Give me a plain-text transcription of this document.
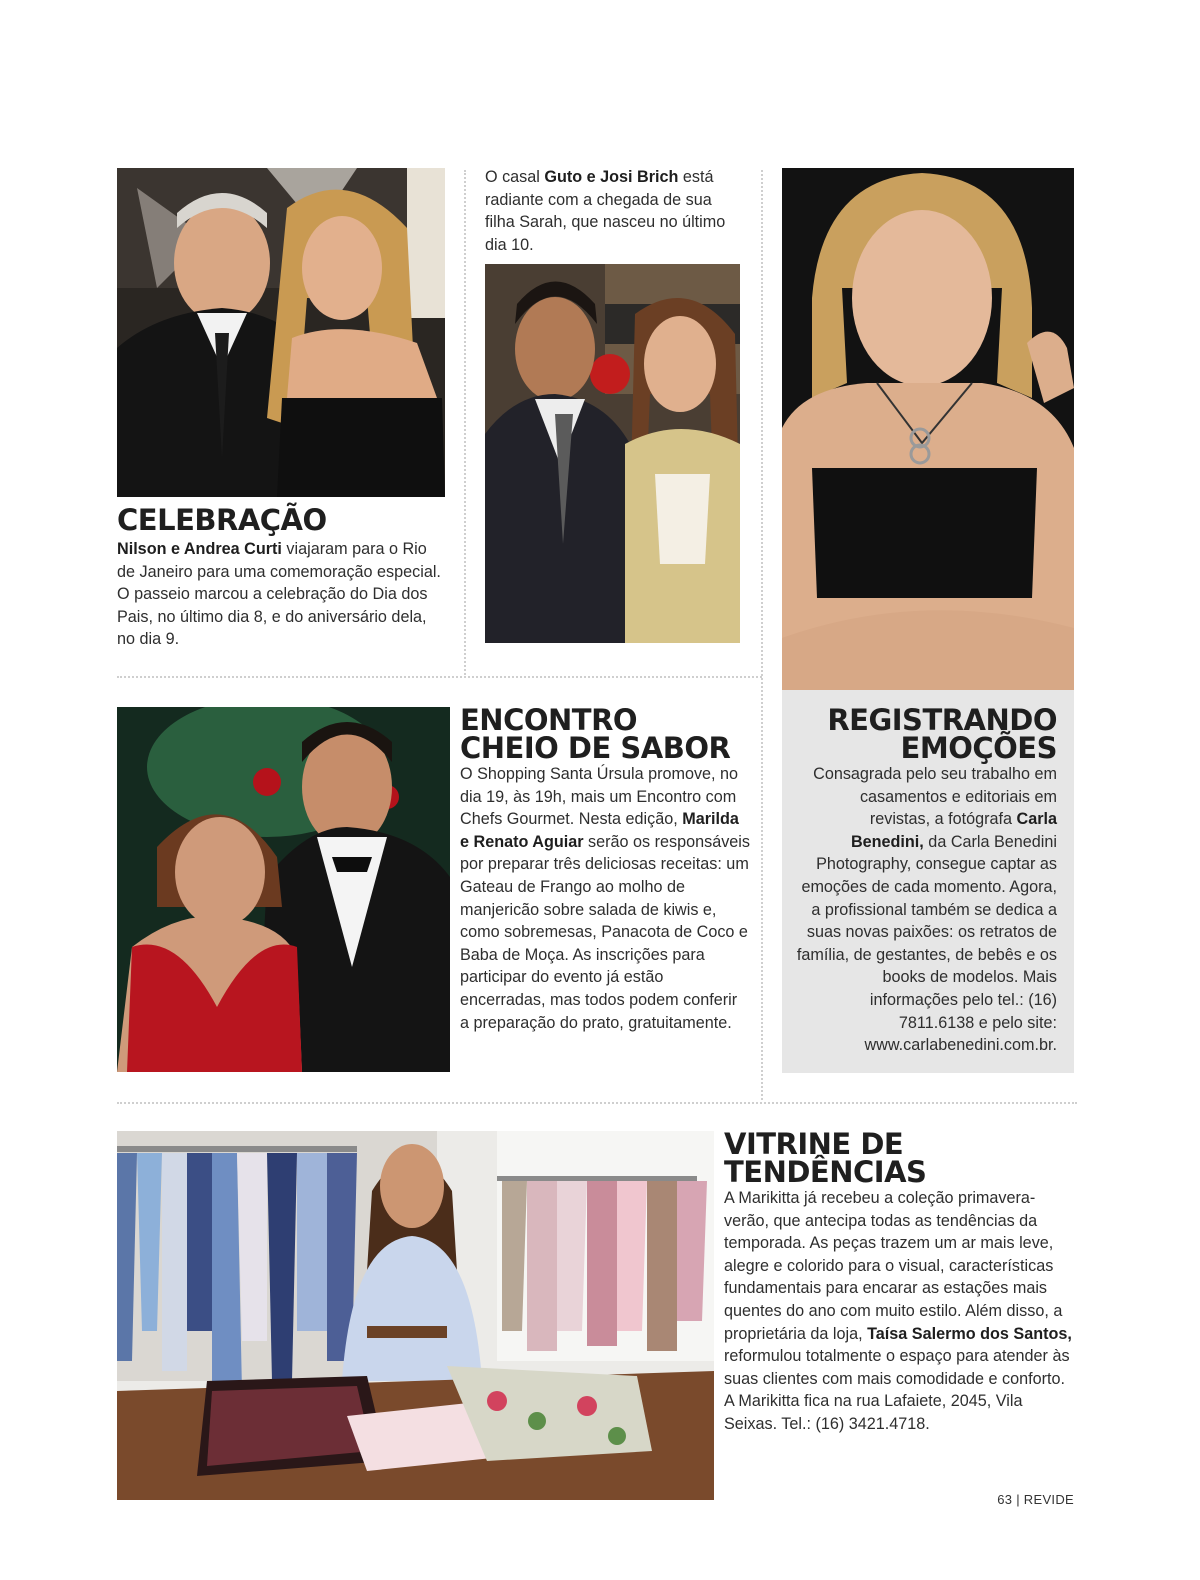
CELEBRAÇÃO
Nilson e Andrea Curti viajaram para o Rio de Janeiro para uma comemoração especial. O passeio marcou a celebração do Dia dos Pais, no último dia 8, e do aniversário dela, no dia 9.
O casal Guto e Josi Brich está radiante com a chegada de sua filha Sarah, que nasceu no último dia 10.
ENCONTRO
CHEIO DE SABOR
O Shopping Santa Úrsula promove, no dia 19, às 19h, mais um Encontro com Chefs Gourmet. Nesta edição, Marilda e Renato Aguiar serão os responsáveis por preparar três deliciosas receitas: um Gateau de Frango ao molho de manjericão sobre salada de kiwis e, como sobremesas, Panacota de Coco e Baba de Moça. As inscrições para participar do evento já estão encerradas, mas todos podem conferir a preparação do prato, gratuitamente.
REGISTRANDO
EMOÇÕES
Consagrada pelo seu trabalho em casamentos e editoriais em revistas, a fotógrafa Carla Benedini, da Carla Benedini Photography, consegue captar as emoções de cada momento. Agora, a profissional também se dedica a suas novas paixões: os retratos de família, de gestantes, de bebês e os books de modelos. Mais informações pelo tel.: (16) 7811.6138 e pelo site: www.carlabenedini.com.br.
VITRINE DE
TENDÊNCIAS
A Marikitta já recebeu a coleção primavera-verão, que antecipa todas as tendências da temporada. As peças trazem um ar mais leve, alegre e colorido para o visual, características fundamentais para encarar as estações mais quentes do ano com muito estilo. Além disso, a proprietária da loja, Taísa Salermo dos Santos, reformulou totalmente o espaço para atender às suas clientes com mais comodidade e conforto. A Marikitta fica na rua Lafaiete, 2045, Vila Seixas. Tel.: (16) 3421.4718.
63 | REVIDE
